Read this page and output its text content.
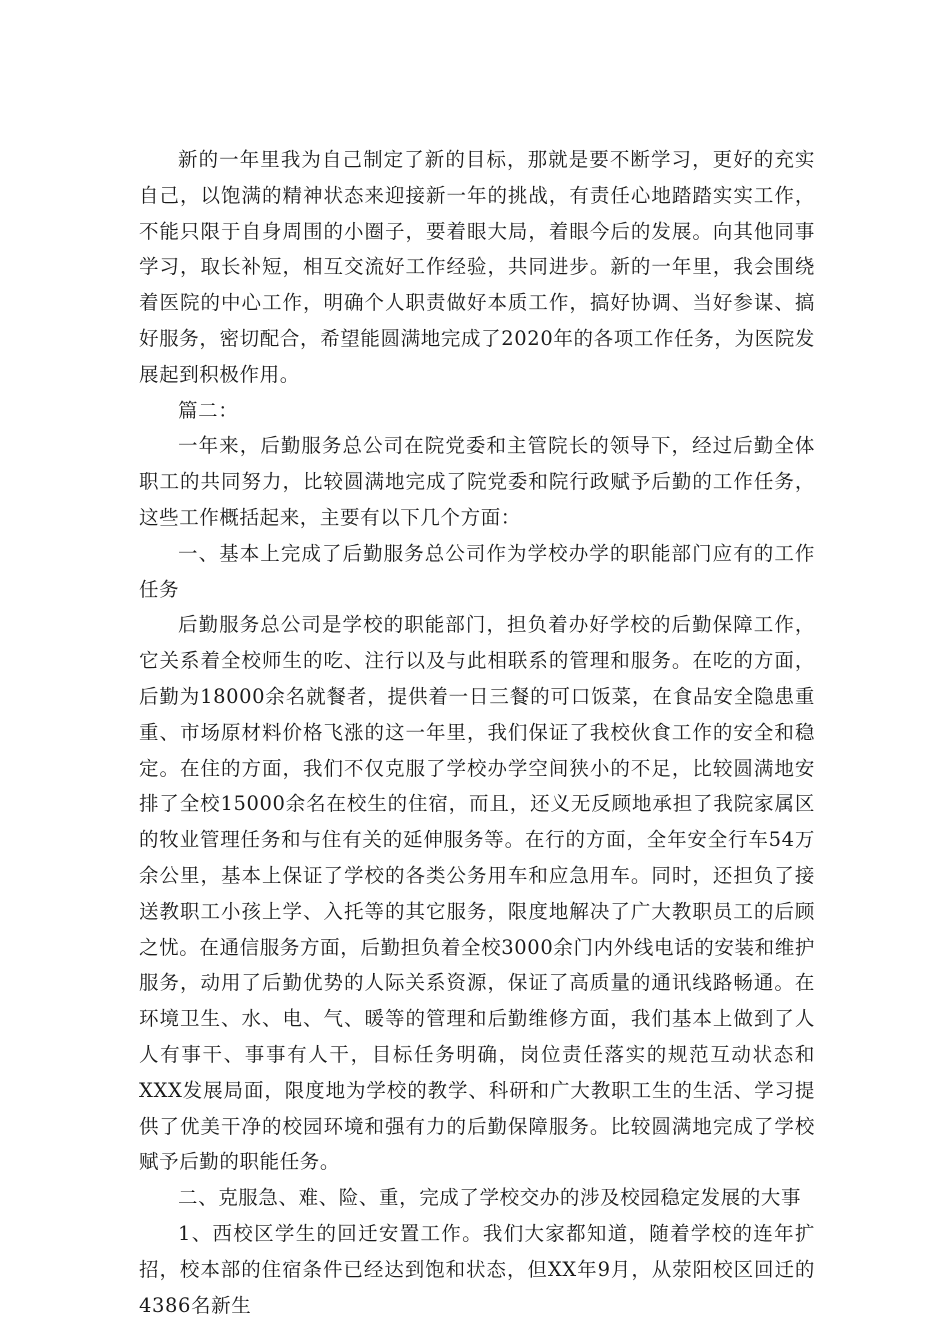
新的一年里我为自己制定了新的目标，那就是要不断学习，更好的充实自己，以饱满的精神状态来迎接新一年的挑战，有责任心地踏踏实实工作，不能只限于自身周围的小圈子，要着眼大局，着眼今后的发展。向其他同事学习，取长补短，相互交流好工作经验，共同进步。新的一年里，我会围绕着医院的中心工作，明确个人职责做好本质工作，搞好协调、当好参谋、搞好服务，密切配合，希望能圆满地完成了2020年的各项工作任务，为医院发展起到积极作用。

篇二：

一年来，后勤服务总公司在院党委和主管院长的领导下，经过后勤全体职工的共同努力，比较圆满地完成了院党委和院行政赋予后勤的工作任务，这些工作概括起来，主要有以下几个方面：

一、基本上完成了后勤服务总公司作为学校办学的职能部门应有的工作任务

后勤服务总公司是学校的职能部门，担负着办好学校的后勤保障工作，它关系着全校师生的吃、注行以及与此相联系的管理和服务。在吃的方面，后勤为18000余名就餐者，提供着一日三餐的可口饭菜，在食品安全隐患重重、市场原材料价格飞涨的这一年里，我们保证了我校伙食工作的安全和稳定。在住的方面，我们不仅克服了学校办学空间狭小的不足，比较圆满地安排了全校15000余名在校生的住宿，而且，还义无反顾地承担了我院家属区的牧业管理任务和与住有关的延伸服务等。在行的方面，全年安全行车54万余公里，基本上保证了学校的各类公务用车和应急用车。同时，还担负了接送教职工小孩上学、入托等的其它服务，限度地解决了广大教职员工的后顾之忧。在通信服务方面，后勤担负着全校3000余门内外线电话的安装和维护服务，动用了后勤优势的人际关系资源，保证了高质量的通讯线路畅通。在环境卫生、水、电、气、暖等的管理和后勤维修方面，我们基本上做到了人人有事干、事事有人干，目标任务明确，岗位责任落实的规范互动状态和XXX发展局面，限度地为学校的教学、科研和广大教职工生的生活、学习提供了优美干净的校园环境和强有力的后勤保障服务。比较圆满地完成了学校赋予后勤的职能任务。

二、克服急、难、险、重，完成了学校交办的涉及校园稳定发展的大事

1、西校区学生的回迁安置工作。我们大家都知道，随着学校的连年扩招，校本部的住宿条件已经达到饱和状态，但XX年9月，从荥阳校区回迁的4386名新生
